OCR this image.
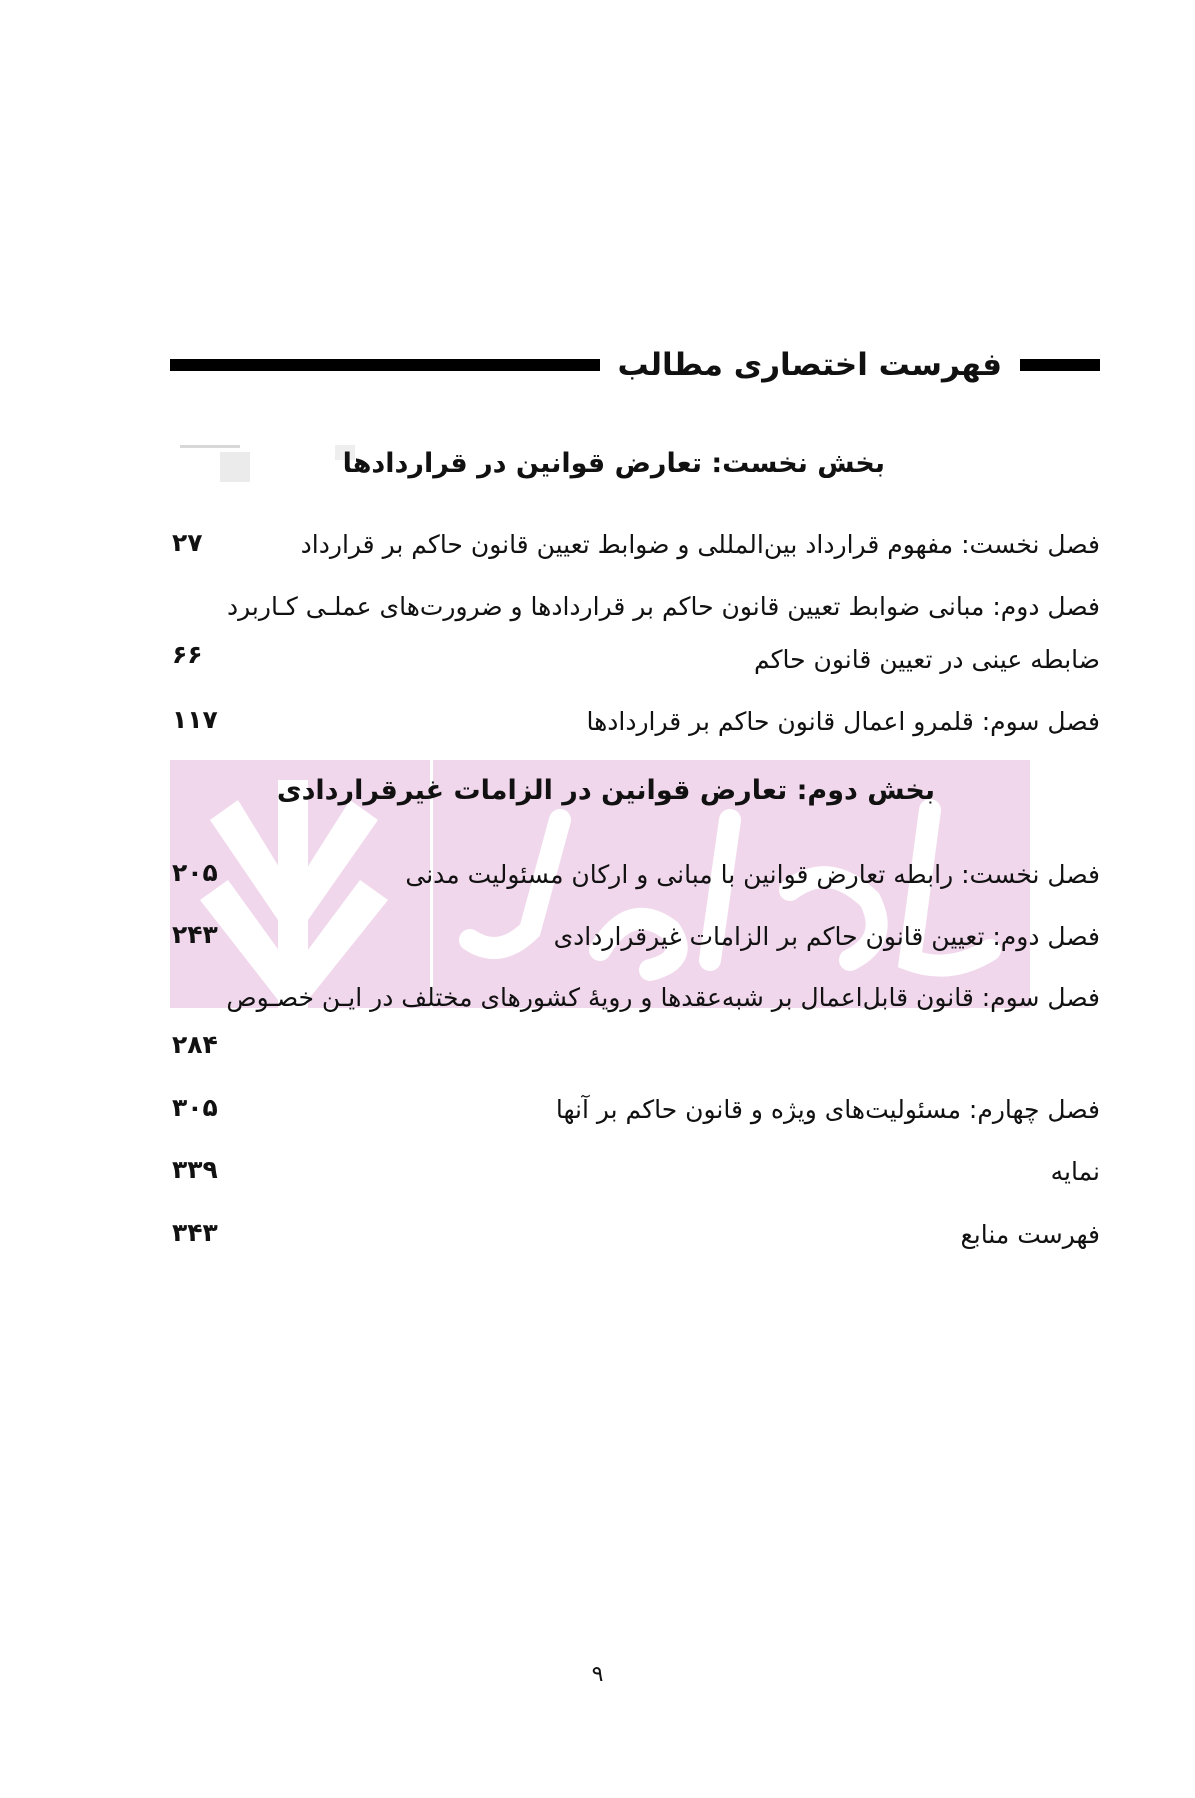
فهرست اختصاری مطالب
بخش نخست: تعارض قوانین در قراردادها
فصل نخست: مفهوم قرارداد بین‌المللی و ضوابط تعیین قانون حاکم بر قرارداد
۲۷
فصل دوم: مبانی ضوابط تعیین قانون حاکم بر قراردادها و ضرورت‌های عملـی کـاربرد
ضابطه عینی در تعیین قانون حاکم
۶۶
فصل سوم: قلمرو اعمال قانون حاکم بر قراردادها
۱۱۷
بخش دوم: تعارض قوانین در الزامات غیرقراردادی
فصل نخست: رابطه تعارض قوانین با مبانی و ارکان مسئولیت مدنی
۲۰۵
فصل دوم: تعیین قانون حاکم بر الزامات غیرقراردادی
۲۴۳
فصل سوم: قانون قابل‌اعمال بر شبه‌عقدها و رویهٔ کشورهای مختلف در ایـن خصـوص
۲۸۴
فصل چهارم: مسئولیت‌های ویژه و قانون حاکم بر آنها
۳۰۵
نمایه
۳۳۹
فهرست منابع
۳۴۳
۹
